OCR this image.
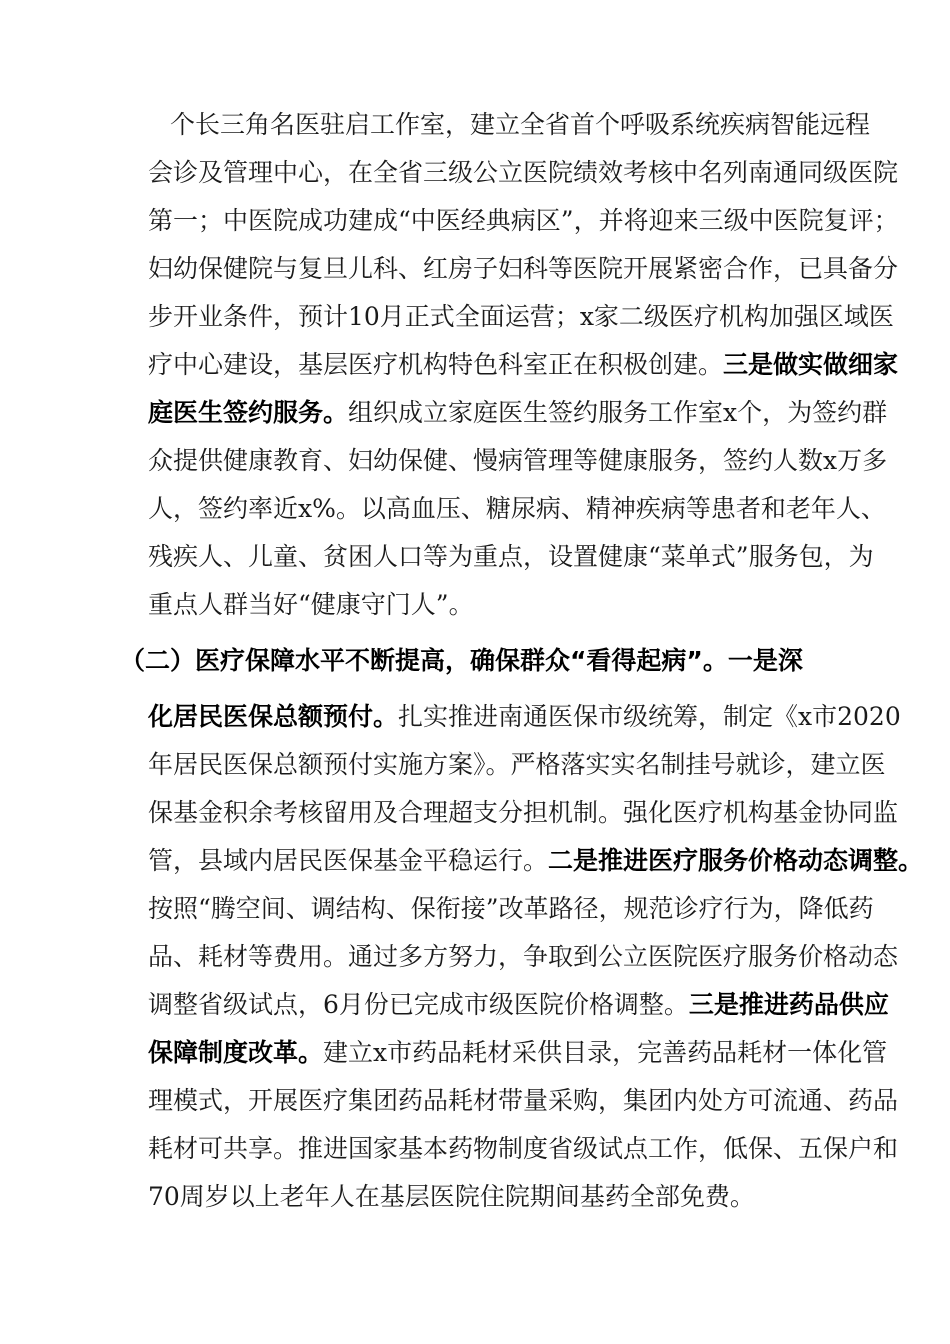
个长三角名医驻启工作室，建立全省首个呼吸系统疾病智能远程
会诊及管理中心，在全省三级公立医院绩效考核中名列南通同级医院
第一；中医院成功建成“中医经典病区”，并将迎来三级中医院复评；
妇幼保健院与复旦儿科、红房子妇科等医院开展紧密合作，已具备分
步开业条件，预计10月正式全面运营；x家二级医疗机构加强区域医
疗中心建设，基层医疗机构特色科室正在积极创建。三是做实做细家
庭医生签约服务。组织成立家庭医生签约服务工作室x个，为签约群
众提供健康教育、妇幼保健、慢病管理等健康服务，签约人数x万多
人，签约率近x%。以高血压、糖尿病、精神疾病等患者和老年人、
残疾人、儿童、贫困人口等为重点，设置健康“菜单式”服务包，为
重点人群当好“健康守门人”。
（二）医疗保障水平不断提高，确保群众“看得起病”。一是深
化居民医保总额预付。扎实推进南通医保市级统筹，制定《x市2020
年居民医保总额预付实施方案》。严格落实实名制挂号就诊，建立医
保基金积余考核留用及合理超支分担机制。强化医疗机构基金协同监
管，县域内居民医保基金平稳运行。二是推进医疗服务价格动态调整。
按照“腾空间、调结构、保衔接”改革路径，规范诊疗行为，降低药
品、耗材等费用。通过多方努力，争取到公立医院医疗服务价格动态
调整省级试点，6月份已完成市级医院价格调整。三是推进药品供应
保障制度改革。建立x市药品耗材采供目录，完善药品耗材一体化管
理模式，开展医疗集团药品耗材带量采购，集团内处方可流通、药品
耗材可共享。推进国家基本药物制度省级试点工作，低保、五保户和
70周岁以上老年人在基层医院住院期间基药全部免费。
